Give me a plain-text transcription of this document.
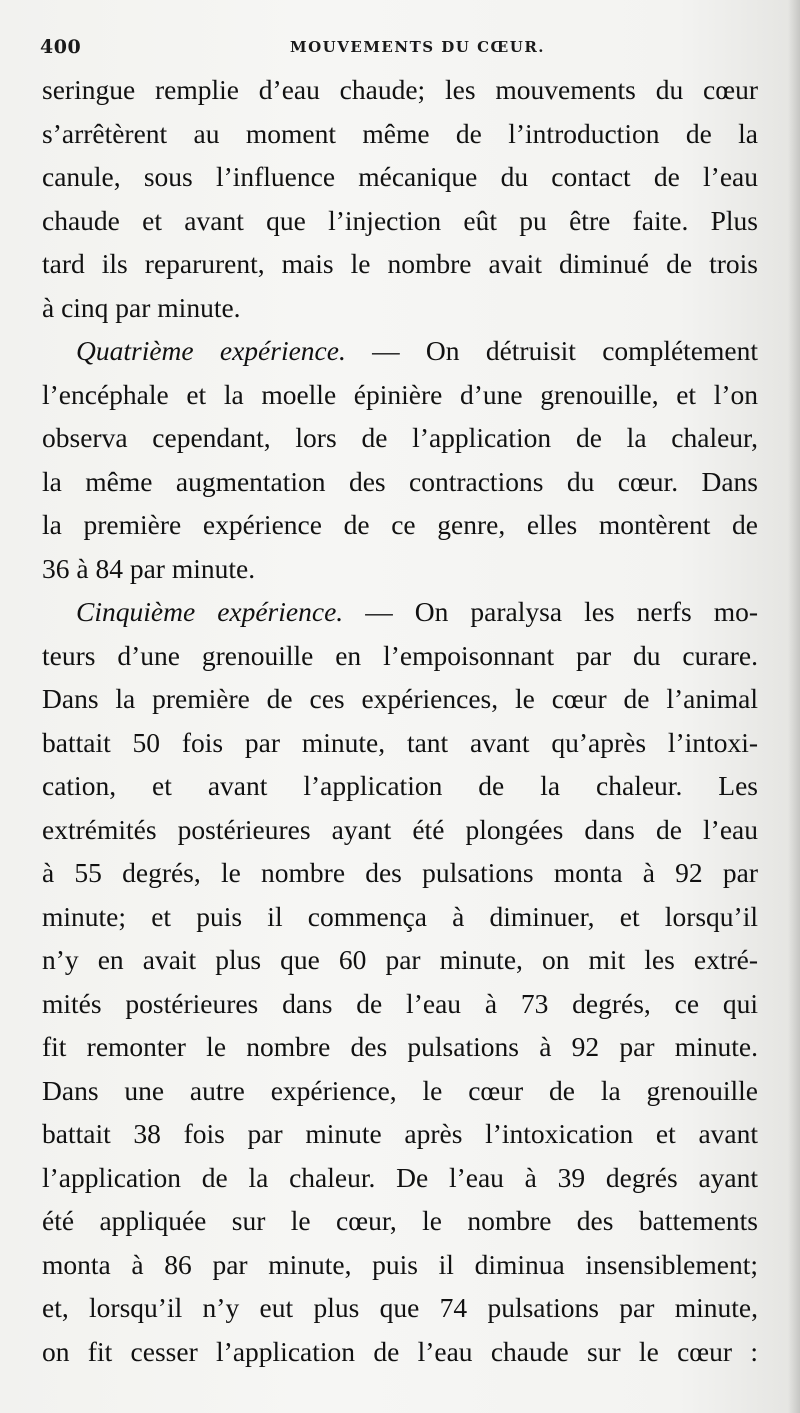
400	MOUVEMENTS DU CŒUR.
seringue remplie d’eau chaude; les mouvements du cœur
s’arrêtèrent au moment même de l’introduction de la
canule, sous l’influence mécanique du contact de l’eau
chaude et avant que l’injection eût pu être faite. Plus
tard ils reparurent, mais le nombre avait diminué de trois
à cinq par minute.
Quatrième expérience. — On détruisit complétement
l’encéphale et la moelle épinière d’une grenouille, et l’on
observa cependant, lors de l’application de la chaleur,
la même augmentation des contractions du cœur. Dans
la première expérience de ce genre, elles montèrent de
36 à 84 par minute.
Cinquième expérience. — On paralysa les nerfs mo-
teurs d’une grenouille en l’empoisonnant par du curare.
Dans la première de ces expériences, le cœur de l’animal
battait 50 fois par minute, tant avant qu’après l’intoxi-
cation, et avant l’application de la chaleur. Les
extrémités postérieures ayant été plongées dans de l’eau
à 55 degrés, le nombre des pulsations monta à 92 par
minute; et puis il commença à diminuer, et lorsqu’il
n’y en avait plus que 60 par minute, on mit les extré-
mités postérieures dans de l’eau à 73 degrés, ce qui
fit remonter le nombre des pulsations à 92 par minute.
Dans une autre expérience, le cœur de la grenouille
battait 38 fois par minute après l’intoxication et avant
l’application de la chaleur. De l’eau à 39 degrés ayant
été appliquée sur le cœur, le nombre des battements
monta à 86 par minute, puis il diminua insensiblement;
et, lorsqu’il n’y eut plus que 74 pulsations par minute,
on fit cesser l’application de l’eau chaude sur le cœur :
